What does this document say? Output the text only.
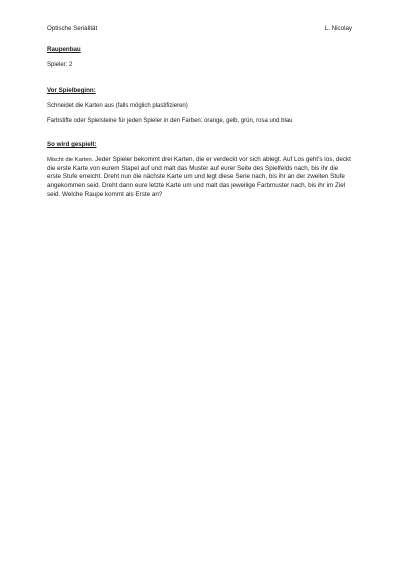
Optische Serialität	L. Nicolay

Raupenbau

Spieler: 2

Vor Spielbeginn:

Schneidet die Karten aus (falls möglich plastifizieren)

Farbstifte oder Spielsteine für jeden Spieler in den Farben: orange, gelb, grün, rosa und blau

So wird gespielt:

Mischt die Karten. Jeder Spieler bekommt drei Karten, die er verdeckt vor sich ablegt. Auf Los geht’s los, deckt die erste Karte von eurem Stapel auf und malt das Muster auf eurer Seite des Spielfelds nach, bis ihr die erste Stufe erreicht. Dreht nun die nächste Karte um und legt diese Serie nach, bis ihr an der zweiten Stufe angekommen seid. Dreht dann eure letzte Karte um und malt das jeweilige Farbmuster nach, bis ihr im Ziel seid. Welche Raupe kommt als Erste an?
